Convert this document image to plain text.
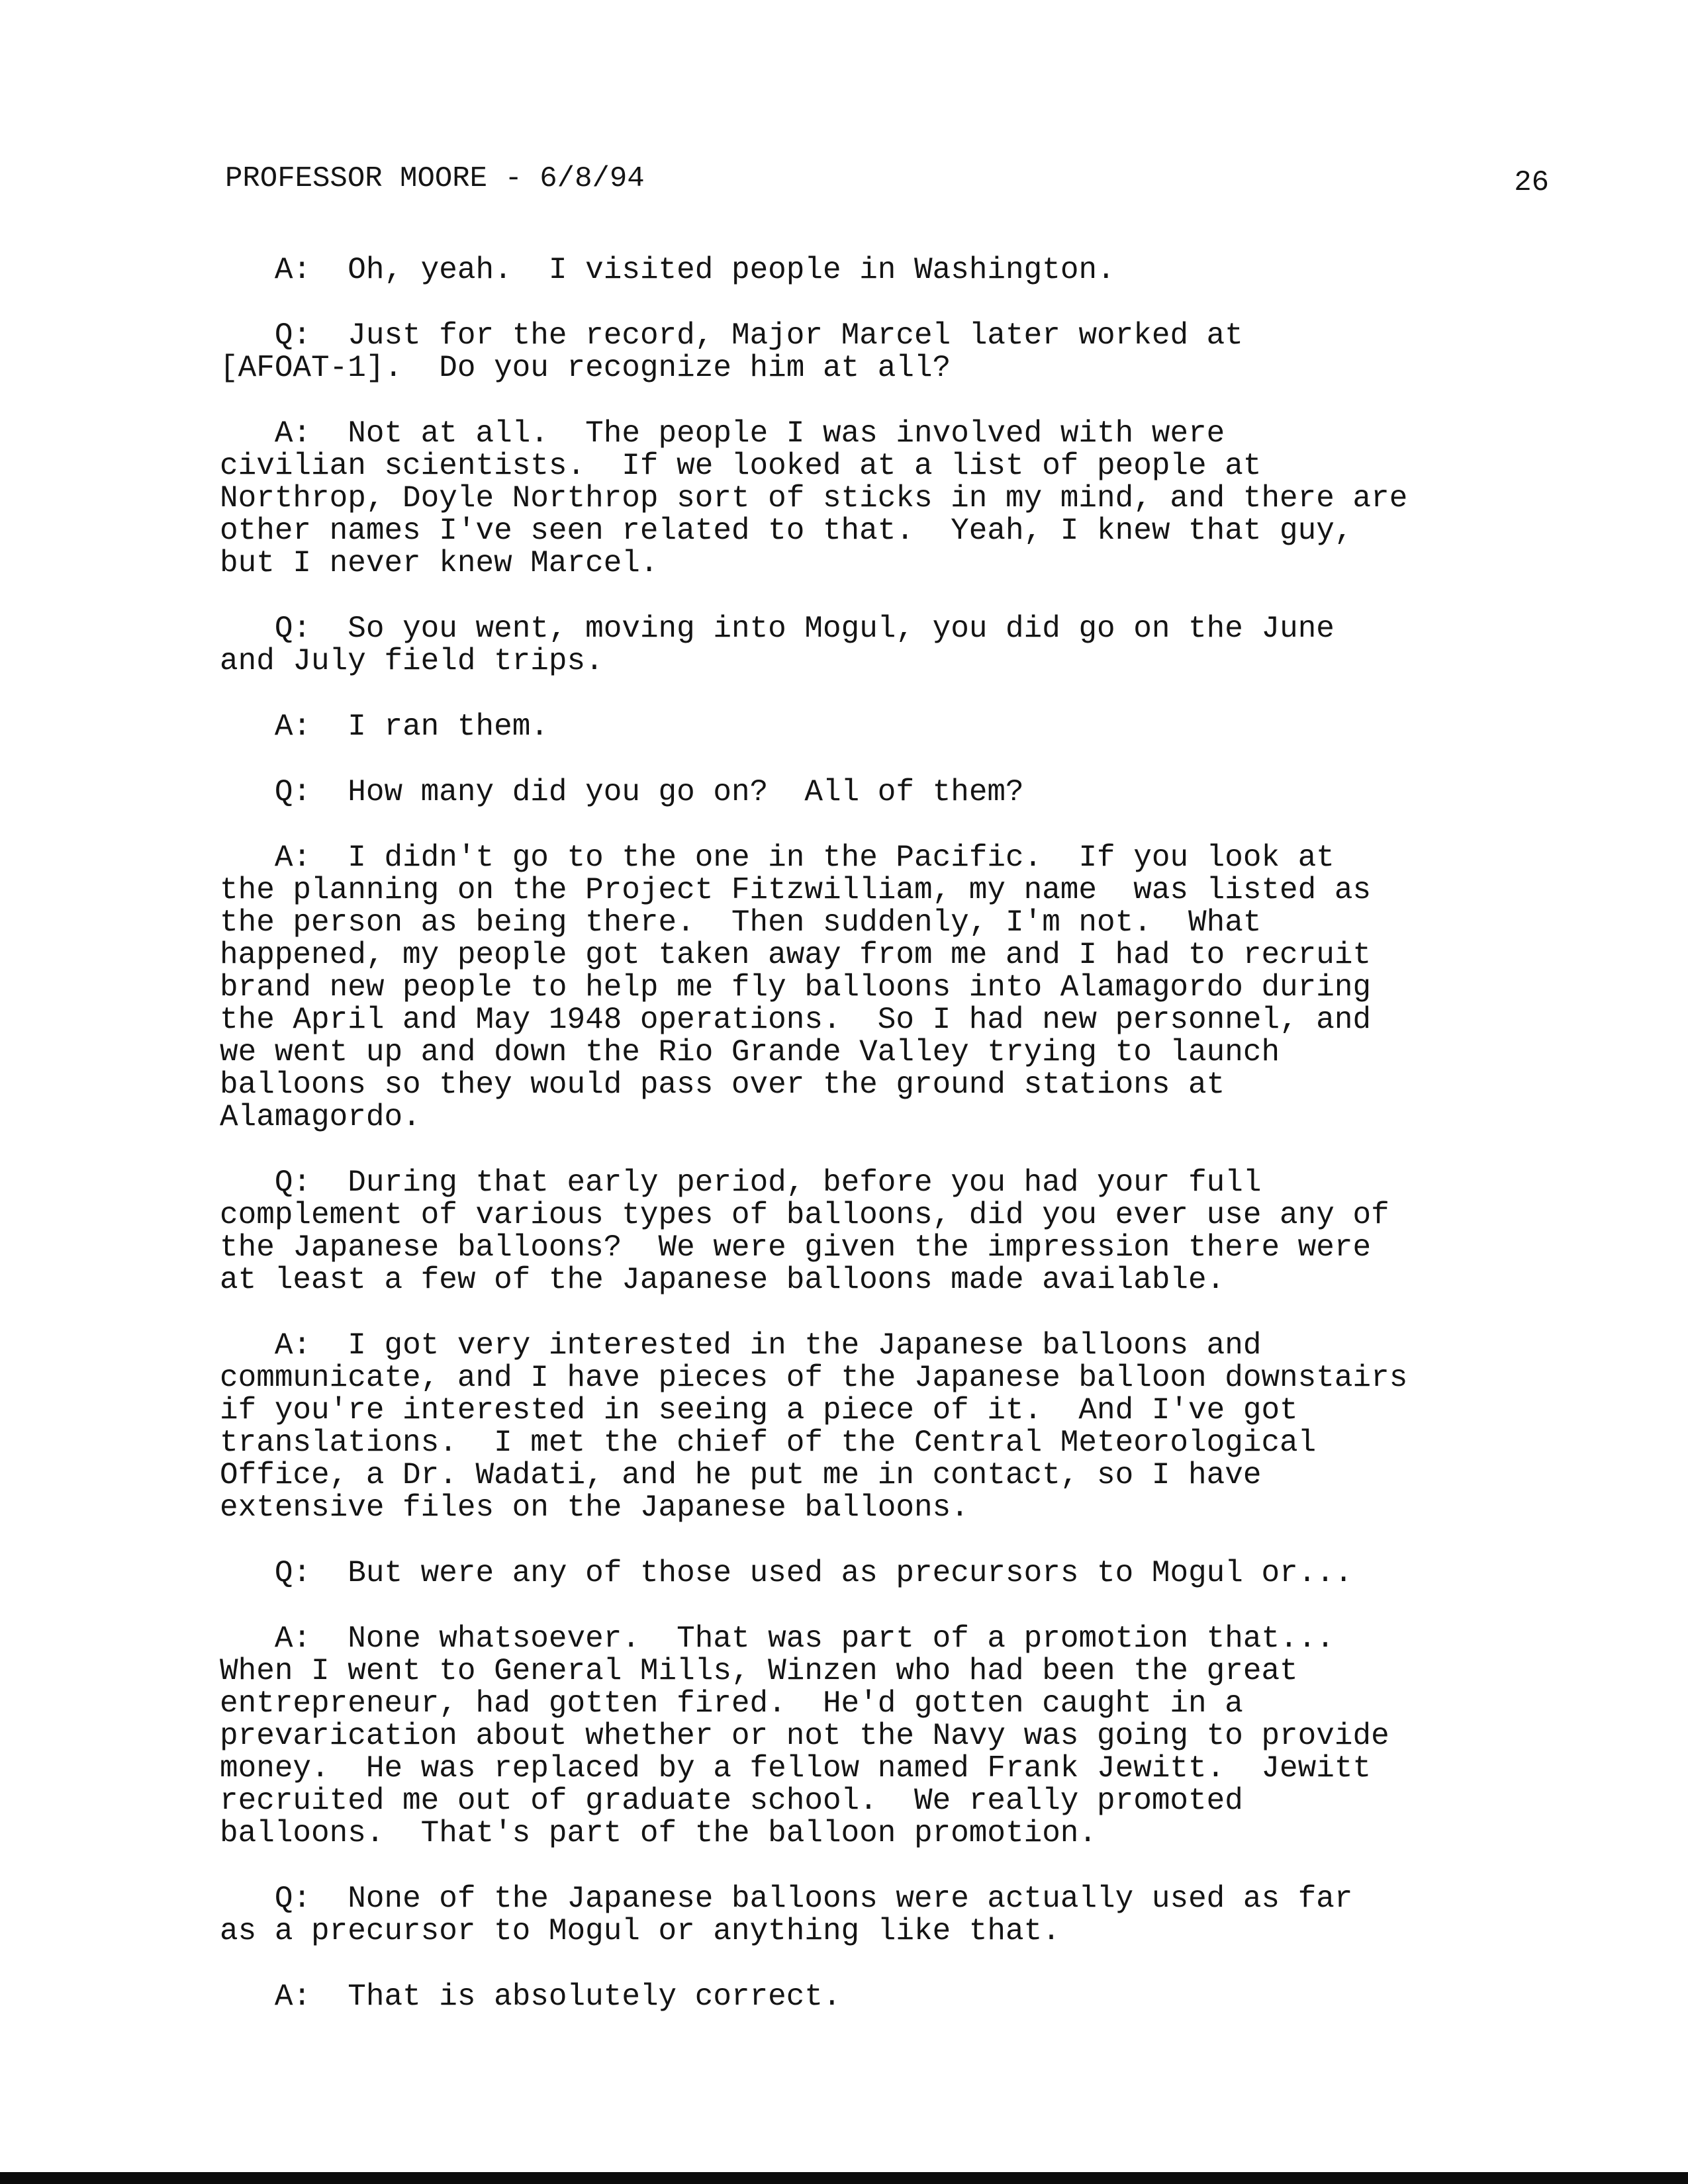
PROFESSOR MOORE - 6/8/94	26
A: Oh, yeah.  I visited people in Washington.
Q: Just for the record, Major Marcel later worked at
[AFOAT-1].  Do you recognize him at all?
A: Not at all.  The people I was involved with were
civilian scientists.  If we looked at a list of people at
Northrop, Doyle Northrop sort of sticks in my mind, and there are
other names I've seen related to that.  Yeah, I knew that guy,
but I never knew Marcel.
Q: So you went, moving into Mogul, you did go on the June
and July field trips.
A: I ran them.
Q: How many did you go on?  All of them?
A: I didn't go to the one in the Pacific.  If you look at
the planning on the Project Fitzwilliam, my name  was listed as
the person as being there.  Then suddenly, I'm not.  What
happened, my people got taken away from me and I had to recruit
brand new people to help me fly balloons into Alamagordo during
the April and May 1948 operations.  So I had new personnel, and
we went up and down the Rio Grande Valley trying to launch
balloons so they would pass over the ground stations at
Alamagordo.
Q: During that early period, before you had your full
complement of various types of balloons, did you ever use any of
the Japanese balloons?  We were given the impression there were
at least a few of the Japanese balloons made available.
A: I got very interested in the Japanese balloons and
communicate, and I have pieces of the Japanese balloon downstairs
if you're interested in seeing a piece of it.  And I've got
translations.  I met the chief of the Central Meteorological
Office, a Dr. Wadati, and he put me in contact, so I have
extensive files on the Japanese balloons.
Q: But were any of those used as precursors to Mogul or...
A: None whatsoever.  That was part of a promotion that...
When I went to General Mills, Winzen who had been the great
entrepreneur, had gotten fired.  He'd gotten caught in a
prevarication about whether or not the Navy was going to provide
money.  He was replaced by a fellow named Frank Jewitt.  Jewitt
recruited me out of graduate school.  We really promoted
balloons.  That's part of the balloon promotion.
Q: None of the Japanese balloons were actually used as far
as a precursor to Mogul or anything like that.
A: That is absolutely correct.
